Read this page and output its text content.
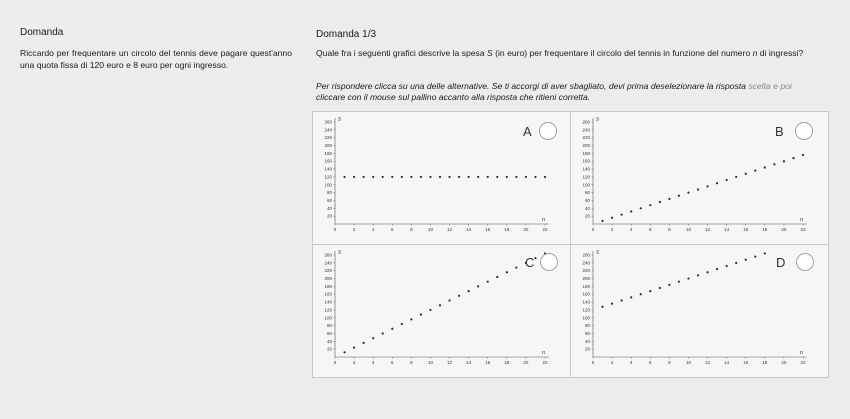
Domanda
Riccardo per frequentare un circolo del tennis deve pagare quest'anno una quota fissa di 120 euro e 8 euro per ogni ingresso.
Domanda 1/3
Quale fra i seguenti grafici descrive la spesa S (in euro) per frequentare il circolo del tennis in funzione del numero n di ingressi?
Per rispondere clicca su una delle alternative. Se ti accorgi di aver sbagliato, devi prima deselezionare la risposta scelta e poi
cliccare con il mouse sul pallino accanto alla risposta che ritieni corretta.
20
40
60
80
100
120
140
160
180
200
220
240
260
0	2	4	6	8	10	12	14	16	18	20	22
S
n
A
20
40
60
80
100
120
140
160
180
200
220
240
260
0	2	4	6	8	10	12	14	16	18	20	22
S
n
B
20
40
60
80
100
120
140
160
180
200
220
240
260
0	2	4	6	8	10	12	14	16	18	20	22
S
n
C
20
40
60
80
100
120
140
160
180
200
220
240
260
0	2	4	6	8	10	12	14	16	18	20	22
S
n
D
